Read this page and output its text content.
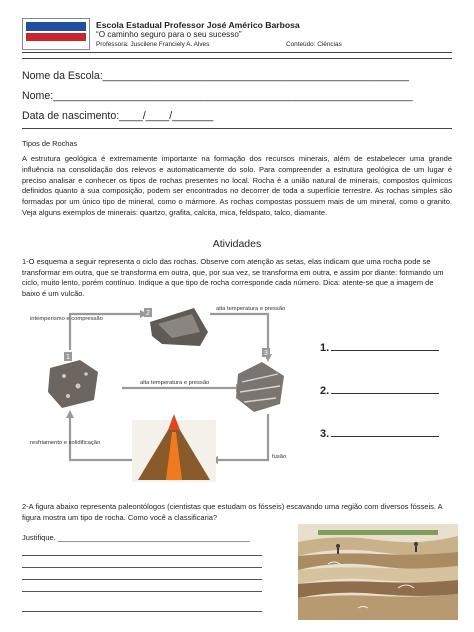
Escola Estadual Professor José Américo Barbosa
“O caminho seguro para o seu sucesso”
Professora: Juscilene Franciely A. Alves	Conteúdo: Ciências
Nome da Escola:____________________________________________________
Nome:_____________________________________________________________
Data de nascimento:____/____/_______
Tipos de Rochas
A estrutura geológica é extremamente importante na formação dos recursos minerais, além de estabelecer uma grande influência na consolidação dos relevos e automaticamente do solo. Para compreender a estrutura geológica de um lugar é preciso analisar e conhecer os tipos de rochas presentes no local. Rocha é a união natural de minerais, compostos químicos definidos quanto à sua composição, podem ser encontrados no decorrer de toda a superfície terrestre. As rochas simples são formadas por um único tipo de mineral, como o mármore. As rochas compostas possuem mais de um mineral, como o granito. Veja alguns exemplos de minerais: quartzo, grafita, calcita, mica, feldspato, talco, diamante.
Atividades
1-O esquema a seguir representa o ciclo das rochas. Observe com atenção as setas, elas indicam que uma rocha pode se transformar em outra, que se transforma em outra, que, por sua vez, se transforma em outra, e assim por diante: formando um ciclo, muito lento, porém contínuo. Indique a que tipo de rocha corresponde cada número. Dica: atente-se que a imagem de baixo é um vulcão.
1
2
3
intemperismo e compressão
alta temperatura e pressão
alta temperatura e pressão
resfriamento e solidificação
fusão
1.
2.
3.
2-A figura abaixo representa paleontólogos (cientistas que estudam os fósseis) escavando uma região com diversos fósseis. A figura mostra um tipo de rocha. Como você a classificaria?
Justifique. ______________________________________________
